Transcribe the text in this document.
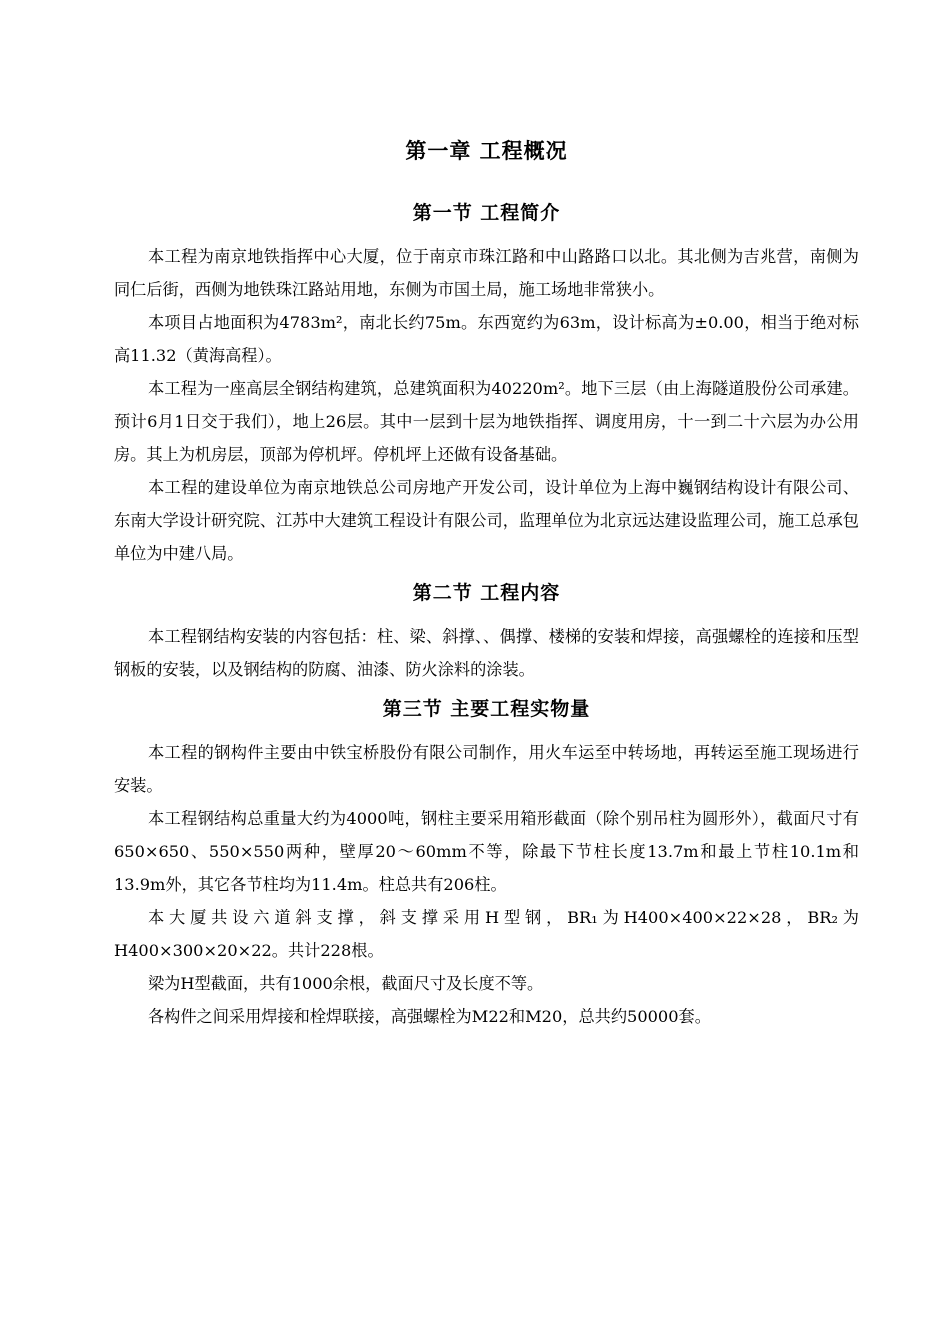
第一章 工程概况
第一节 工程简介

本工程为南京地铁指挥中心大厦，位于南京市珠江路和中山路路口以北。其北侧为吉兆营，南侧为同仁后街，西侧为地铁珠江路站用地，东侧为市国土局，施工场地非常狭小。

本项目占地面积为4783m²，南北长约75m。东西宽约为63m，设计标高为±0.00，相当于绝对标高11.32（黄海高程）。

本工程为一座高层全钢结构建筑，总建筑面积为40220m²。地下三层（由上海隧道股份公司承建。预计6月1日交于我们），地上26层。其中一层到十层为地铁指挥、调度用房，十一到二十六层为办公用房。其上为机房层，顶部为停机坪。停机坪上还做有设备基础。

本工程的建设单位为南京地铁总公司房地产开发公司，设计单位为上海中巍钢结构设计有限公司、东南大学设计研究院、江苏中大建筑工程设计有限公司，监理单位为北京远达建设监理公司，施工总承包单位为中建八局。

第二节 工程内容

本工程钢结构安装的内容包括：柱、梁、斜撑、、偶撑、楼梯的安装和焊接，高强螺栓的连接和压型钢板的安装，以及钢结构的防腐、油漆、防火涂料的涂装。

第三节 主要工程实物量

本工程的钢构件主要由中铁宝桥股份有限公司制作，用火车运至中转场地，再转运至施工现场进行安装。

本工程钢结构总重量大约为4000吨，钢柱主要采用箱形截面（除个别吊柱为圆形外），截面尺寸有650×650、550×550两种，壁厚20～60mm不等，除最下节柱长度13.7m和最上节柱10.1m和13.9m外，其它各节柱均为11.4m。柱总共有206柱。

本大厦共设六道斜支撑，斜支撑采用H型钢，BR₁为H400×400×22×28，BR₂为H400×300×20×22。共计228根。

梁为H型截面，共有1000余根，截面尺寸及长度不等。

各构件之间采用焊接和栓焊联接，高强螺栓为M22和M20，总共约50000套。
